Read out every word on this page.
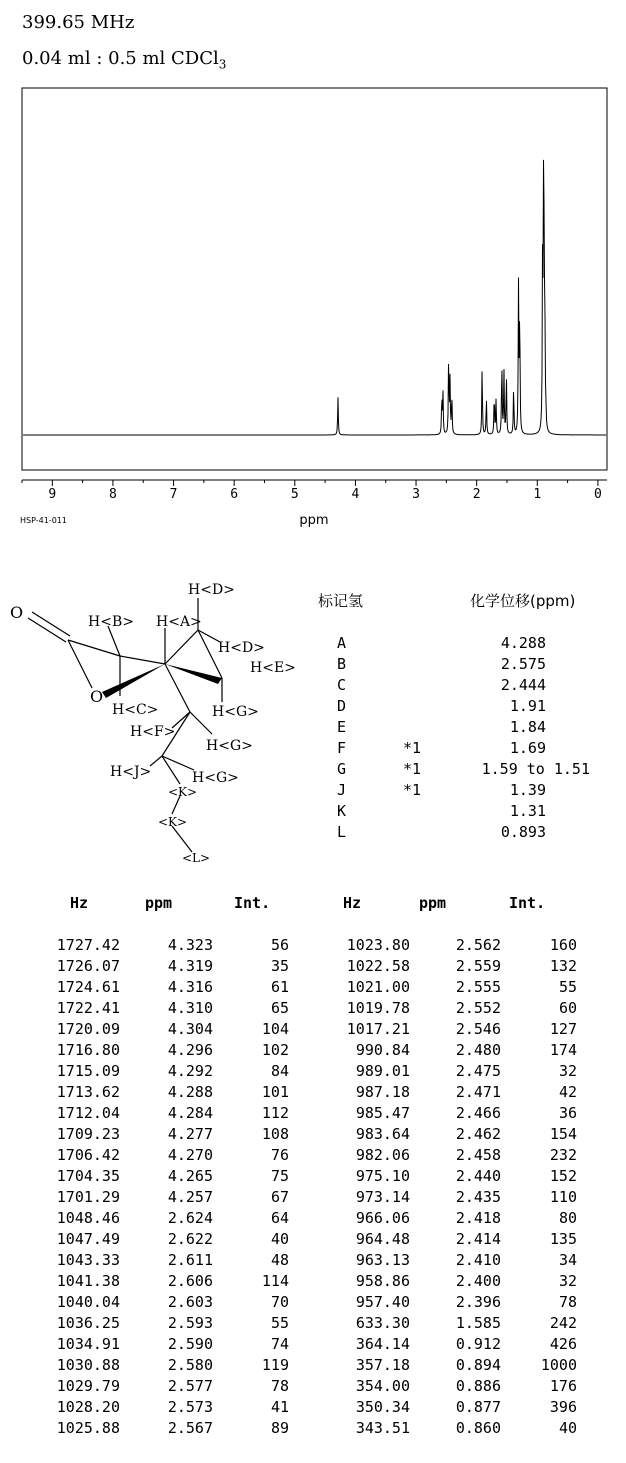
399.65 MHz
0.04 ml : 0.5 ml CDCl$_3$
9	8	7	6	5	4	3	2	1	0
ppm
HSP-41-011
O
O
H<B> H<A>
H<D>
H<D>
H<E>
H<C>	H<G>
H<F>
H<G>
H<J>	H<G>
<K>
<K>
<L>
标记氢	化学位移(ppm)
A	4.288
B	2.575
C	2.444
D	1.91
E	1.84
F	*1	1.69
G	*1	1.59 to 1.51
J	*1	1.39
K	1.31
L	0.893
Hz	ppm	Int.	Hz	ppm	Int.
1727.42	4.323	56	1023.80	2.562	160
1726.07	4.319	35	1022.58	2.559	132
1724.61	4.316	61	1021.00	2.555	55
1722.41	4.310	65	1019.78	2.552	60
1720.09	4.304	104	1017.21	2.546	127
1716.80	4.296	102	990.84	2.480	174
1715.09	4.292	84	989.01	2.475	32
1713.62	4.288	101	987.18	2.471	42
1712.04	4.284	112	985.47	2.466	36
1709.23	4.277	108	983.64	2.462	154
1706.42	4.270	76	982.06	2.458	232
1704.35	4.265	75	975.10	2.440	152
1701.29	4.257	67	973.14	2.435	110
1048.46	2.624	64	966.06	2.418	80
1047.49	2.622	40	964.48	2.414	135
1043.33	2.611	48	963.13	2.410	34
1041.38	2.606	114	958.86	2.400	32
1040.04	2.603	70	957.40	2.396	78
1036.25	2.593	55	633.30	1.585	242
1034.91	2.590	74	364.14	0.912	426
1030.88	2.580	119	357.18	0.894	1000
1029.79	2.577	78	354.00	0.886	176
1028.20	2.573	41	350.34	0.877	396
1025.88	2.567	89	343.51	0.860	40
